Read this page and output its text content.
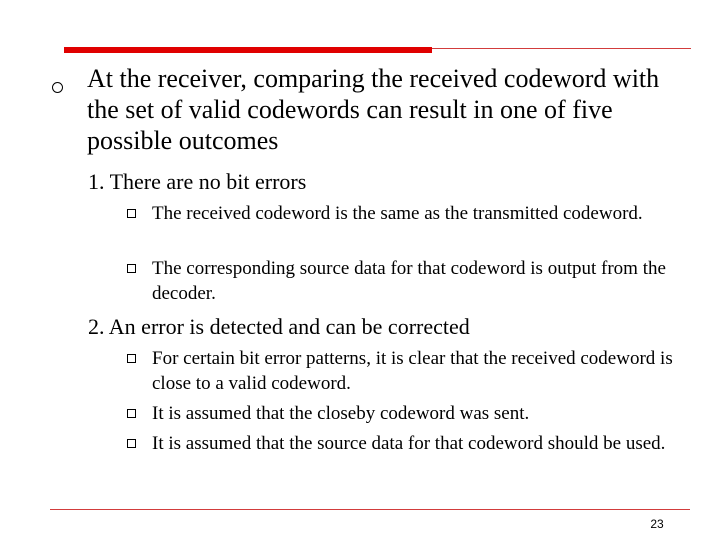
At the receiver, comparing the received codeword with the set of valid codewords can result in one of five possible outcomes
1. There are no bit errors
The received codeword is the same as the transmitted codeword.
The corresponding source data for that codeword is output from the decoder.
2. An error is detected and can be corrected
For certain bit error patterns, it is clear that the received codeword is close to a valid codeword.
It is assumed that the closeby codeword was sent.
It is assumed that the source data for that codeword should be used.
23
